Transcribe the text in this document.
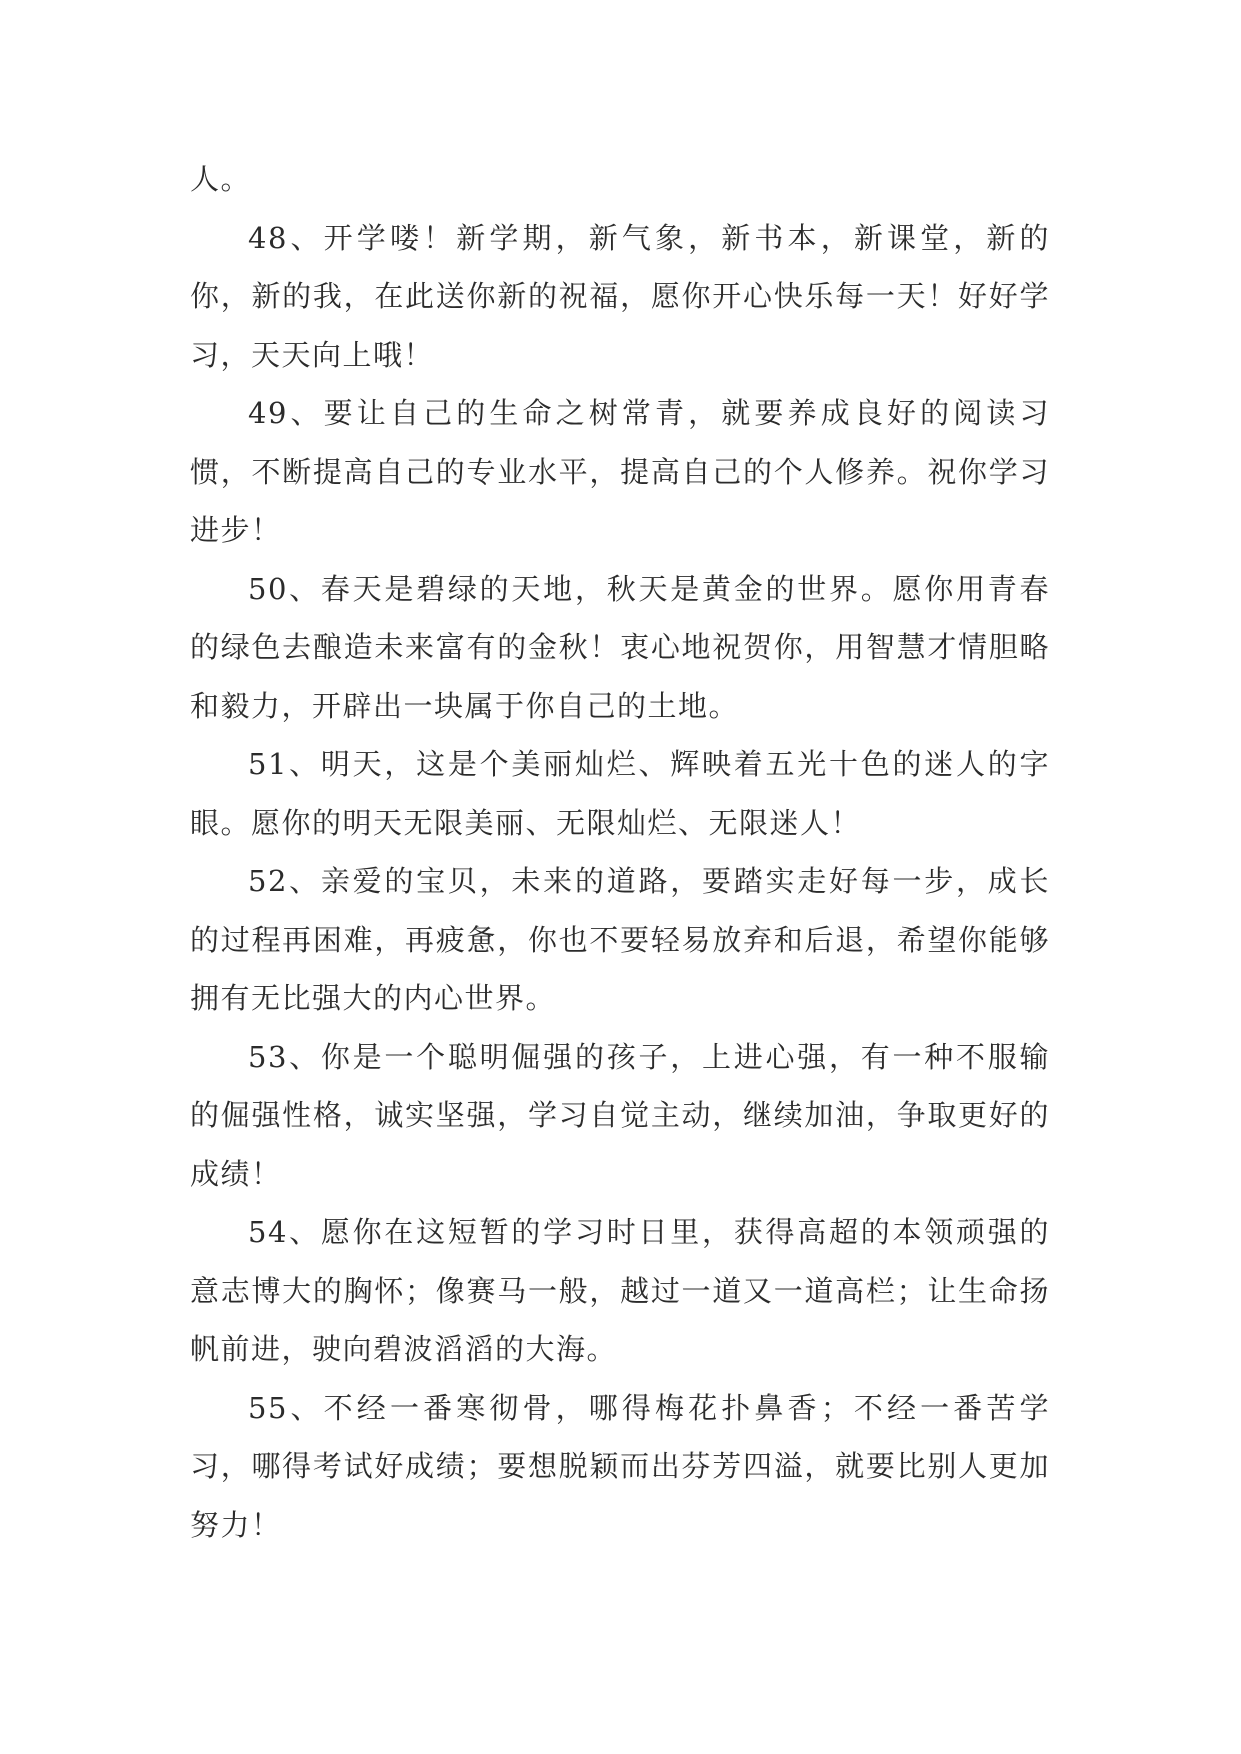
人。

48、开学喽！新学期，新气象，新书本，新课堂，新的你，新的我，在此送你新的祝福，愿你开心快乐每一天！好好学习，天天向上哦！

49、要让自己的生命之树常青，就要养成良好的阅读习惯，不断提高自己的专业水平，提高自己的个人修养。祝你学习进步！

50、春天是碧绿的天地，秋天是黄金的世界。愿你用青春的绿色去酿造未来富有的金秋！衷心地祝贺你，用智慧才情胆略和毅力，开辟出一块属于你自己的土地。

51、明天，这是个美丽灿烂、辉映着五光十色的迷人的字眼。愿你的明天无限美丽、无限灿烂、无限迷人！

52、亲爱的宝贝，未来的道路，要踏实走好每一步，成长的过程再困难，再疲惫，你也不要轻易放弃和后退，希望你能够拥有无比强大的内心世界。

53、你是一个聪明倔强的孩子，上进心强，有一种不服输的倔强性格，诚实坚强，学习自觉主动，继续加油，争取更好的成绩！

54、愿你在这短暂的学习时日里，获得高超的本领顽强的意志博大的胸怀；像赛马一般，越过一道又一道高栏；让生命扬帆前进，驶向碧波滔滔的大海。

55、不经一番寒彻骨，哪得梅花扑鼻香；不经一番苦学习，哪得考试好成绩；要想脱颖而出芬芳四溢，就要比别人更加努力！
